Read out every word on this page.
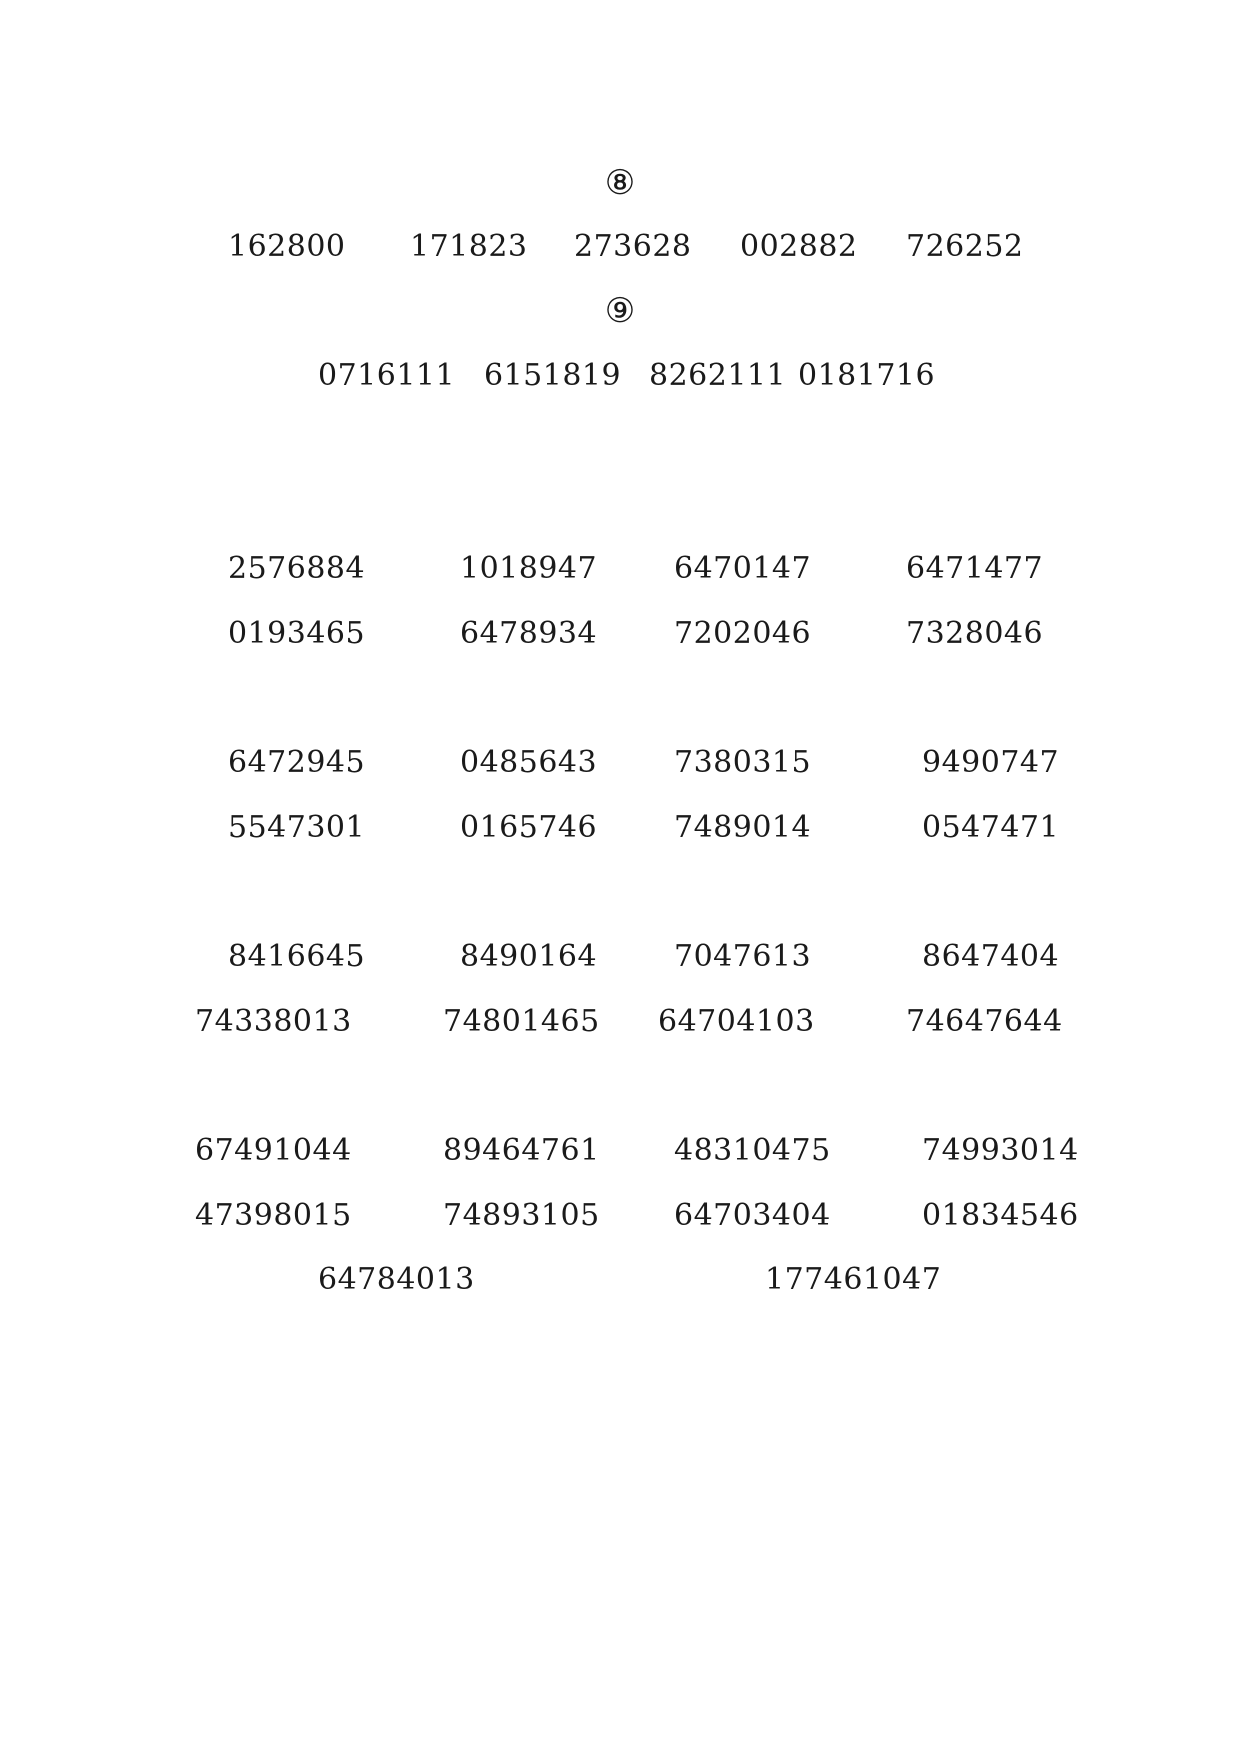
⑧
162800 171823 273628 002882 726252
⑨
0716111 6151819 8262111 0181716
2576884	1018947	6470147	6471477
0193465	6478934	7202046	7328046
6472945	0485643	7380315	9490747
5547301	0165746	7489014	0547471
8416645	8490164	7047613	8647404
74338013	74801465 64704103	74647644
67491044	89464761 48310475	74993014
47398015	74893105 64703404	01834546
64784013	177461047
